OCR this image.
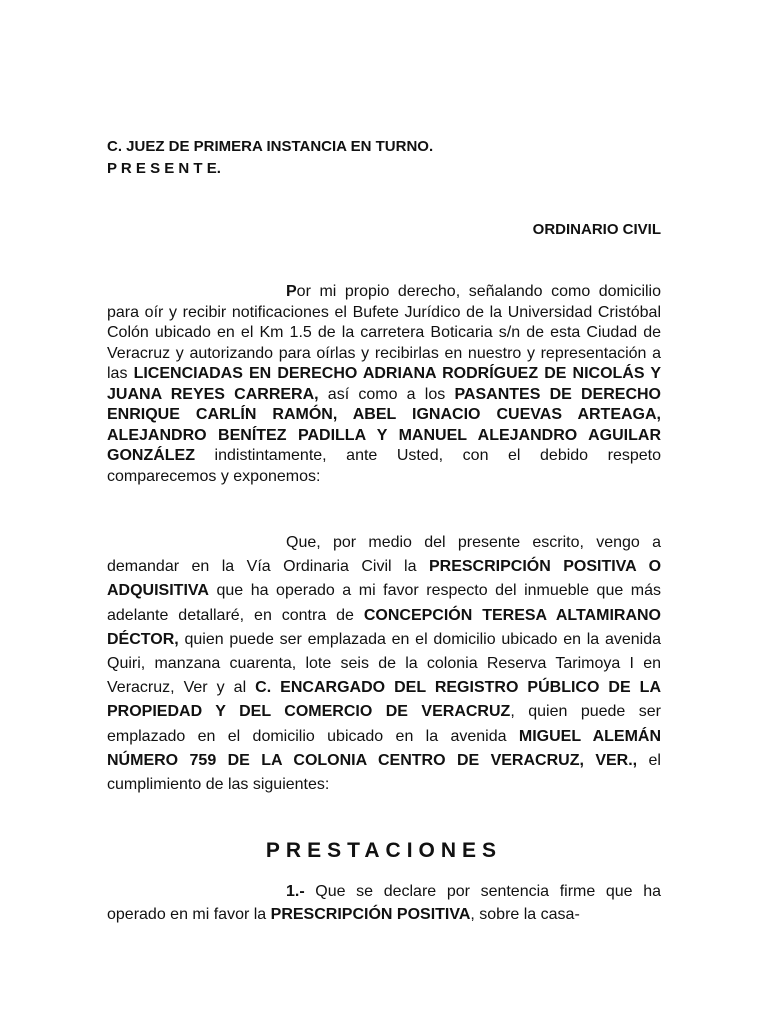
C. JUEZ DE PRIMERA INSTANCIA EN TURNO.
P R E S E N T E.
ORDINARIO CIVIL

Por mi propio derecho, señalando como domicilio para oír y recibir notificaciones el Bufete Jurídico de la Universidad Cristóbal Colón ubicado en el Km 1.5 de la carretera Boticaria s/n de esta Ciudad de Veracruz y autorizando para oírlas y recibirlas en nuestro y representación a las LICENCIADAS EN DERECHO ADRIANA RODRÍGUEZ DE NICOLÁS Y JUANA REYES CARRERA, así como a los PASANTES DE DERECHO ENRIQUE CARLÍN RAMÓN, ABEL IGNACIO CUEVAS ARTEAGA, ALEJANDRO BENÍTEZ PADILLA Y MANUEL ALEJANDRO AGUILAR GONZÁLEZ indistintamente, ante Usted, con el debido respeto comparecemos y exponemos:

Que, por medio del presente escrito, vengo a demandar en la Vía Ordinaria Civil la PRESCRIPCIÓN POSITIVA O ADQUISITIVA que ha operado a mi favor respecto del inmueble que más adelante detallaré, en contra de CONCEPCIÓN TERESA ALTAMIRANO DÉCTOR, quien puede ser emplazada en el domicilio ubicado en la avenida Quiri, manzana cuarenta, lote seis de la colonia Reserva Tarimoya I en Veracruz, Ver y al C. ENCARGADO DEL REGISTRO PÚBLICO DE LA PROPIEDAD Y DEL COMERCIO DE VERACRUZ, quien puede ser emplazado en el domicilio ubicado en la avenida MIGUEL ALEMÁN NÚMERO 759 DE LA COLONIA CENTRO DE VERACRUZ, VER., el cumplimiento de las siguientes:

PRESTACIONES

1.- Que se declare por sentencia firme que ha operado en mi favor la PRESCRIPCIÓN POSITIVA, sobre la casa-
